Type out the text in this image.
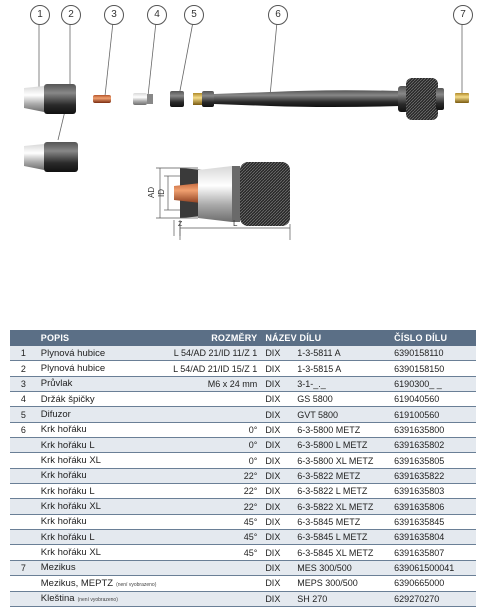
AD ID
Z	L
1	2	3	4	5	6	7
	POPIS	ROZMĚRY	NÁZEV DÍLU		ČÍSLO DÍLU
1	Plynová hubice	L 54/AD 21/ID 11/Z 1	DIX	1-3-5811 A	6390158110
2	Plynová hubice	L 54/AD 21/ID 15/Z 1	DIX	1-3-5815 A	6390158150
3	Průvlak	M6 x 24 mm	DIX	3-1-_._	6190300_ _
4	Držák špičky		DIX	GS 5800	619040560
5	Difuzor		DIX	GVT 5800	619100560
6	Krk hořáku	0°	DIX	6-3-5800 METZ	6391635800
	Krk hořáku L	0°	DIX	6-3-5800 L METZ	6391635802
	Krk hořáku XL	0°	DIX	6-3-5800 XL METZ	6391635805
	Krk hořáku	22°	DIX	6-3-5822 METZ	6391635822
	Krk hořáku L	22°	DIX	6-3-5822 L METZ	6391635803
	Krk hořáku XL	22°	DIX	6-3-5822 XL METZ	6391635806
	Krk hořáku	45°	DIX	6-3-5845 METZ	6391635845
	Krk hořáku L	45°	DIX	6-3-5845 L METZ	6391635804
	Krk hořáku XL	45°	DIX	6-3-5845 XL METZ	6391635807
7	Mezikus		DIX	MES 300/500	639061500041
	Mezikus, MEPTZ (není vyobrazeno)		DIX	MEPS 300/500	6390665000
	Kleština (není vyobrazeno)		DIX	SH 270	629270270
